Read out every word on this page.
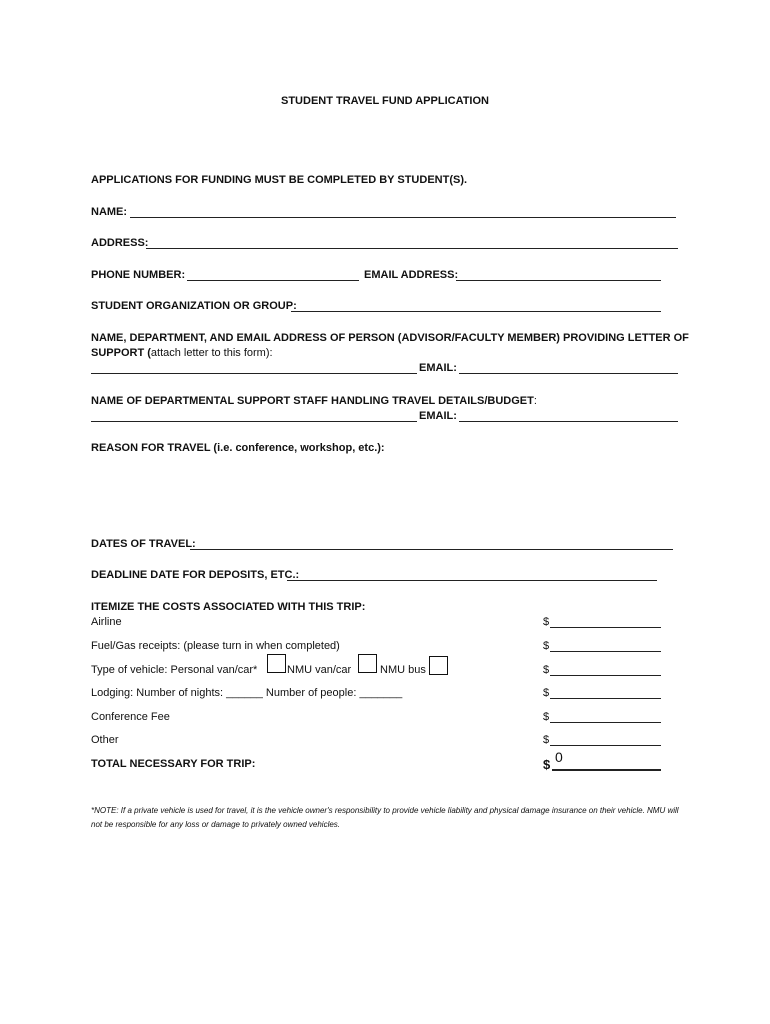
STUDENT TRAVEL FUND APPLICATION
APPLICATIONS FOR FUNDING MUST BE COMPLETED BY STUDENT(S).
NAME:
ADDRESS:
PHONE NUMBER:	EMAIL ADDRESS:
STUDENT ORGANIZATION OR GROUP:
NAME, DEPARTMENT, AND EMAIL ADDRESS OF PERSON (ADVISOR/FACULTY MEMBER) PROVIDING LETTER OF
SUPPORT (attach letter to this form):
EMAIL:
NAME OF DEPARTMENTAL SUPPORT STAFF HANDLING TRAVEL DETAILS/BUDGET:
EMAIL:
REASON FOR TRAVEL (i.e. conference, workshop, etc.):
DATES OF TRAVEL:
DEADLINE DATE FOR DEPOSITS, ETC.:
ITEMIZE THE COSTS ASSOCIATED WITH THIS TRIP:
Airline	$
Fuel/Gas receipts: (please turn in when completed)	$
Type of vehicle: Personal van/car*	NMU van/car	NMU bus	$
Lodging: Number of nights: ______ Number of people: _______	$
Conference Fee	$
Other	$
TOTAL NECESSARY FOR TRIP:	$ 0
*NOTE: If a private vehicle is used for travel, it is the vehicle owner's responsibility to provide vehicle liability and physical damage insurance on their vehicle. NMU will not be responsible for any loss or damage to privately owned vehicles.
